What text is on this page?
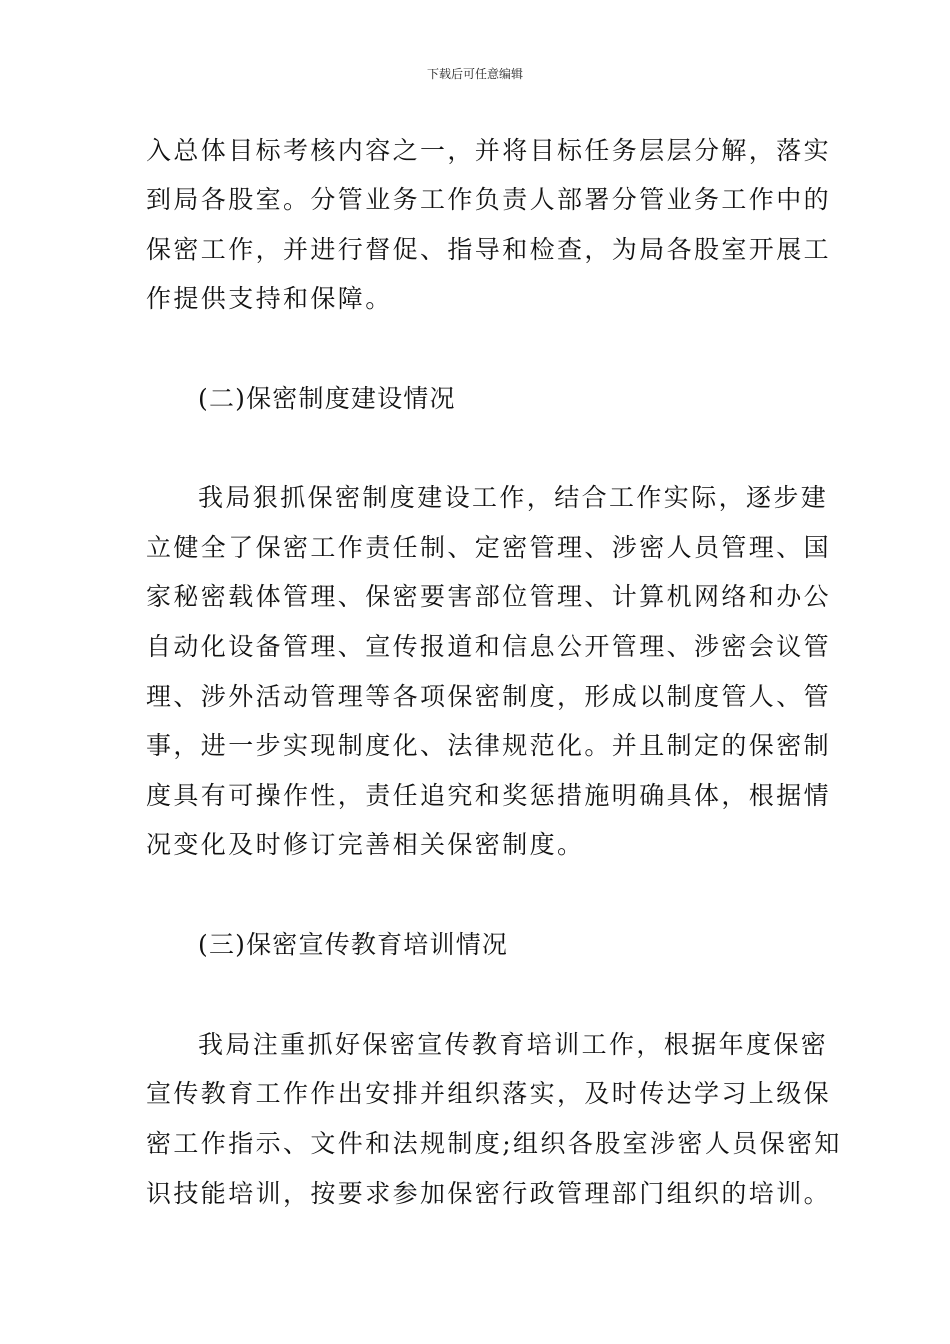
下载后可任意编辑
入总体目标考核内容之一，并将目标任务层层分解，落实
到局各股室。分管业务工作负责人部署分管业务工作中的
保密工作，并进行督促、指导和检查，为局各股室开展工
作提供支持和保障。
(二)保密制度建设情况
我局狠抓保密制度建设工作，结合工作实际，逐步建
立健全了保密工作责任制、定密管理、涉密人员管理、国
家秘密载体管理、保密要害部位管理、计算机网络和办公
自动化设备管理、宣传报道和信息公开管理、涉密会议管
理、涉外活动管理等各项保密制度，形成以制度管人、管
事，进一步实现制度化、法律规范化。并且制定的保密制
度具有可操作性，责任追究和奖惩措施明确具体，根据情
况变化及时修订完善相关保密制度。
(三)保密宣传教育培训情况
我局注重抓好保密宣传教育培训工作，根据年度保密
宣传教育工作作出安排并组织落实，及时传达学习上级保
密工作指示、文件和法规制度;组织各股室涉密人员保密知
识技能培训，按要求参加保密行政管理部门组织的培训。
